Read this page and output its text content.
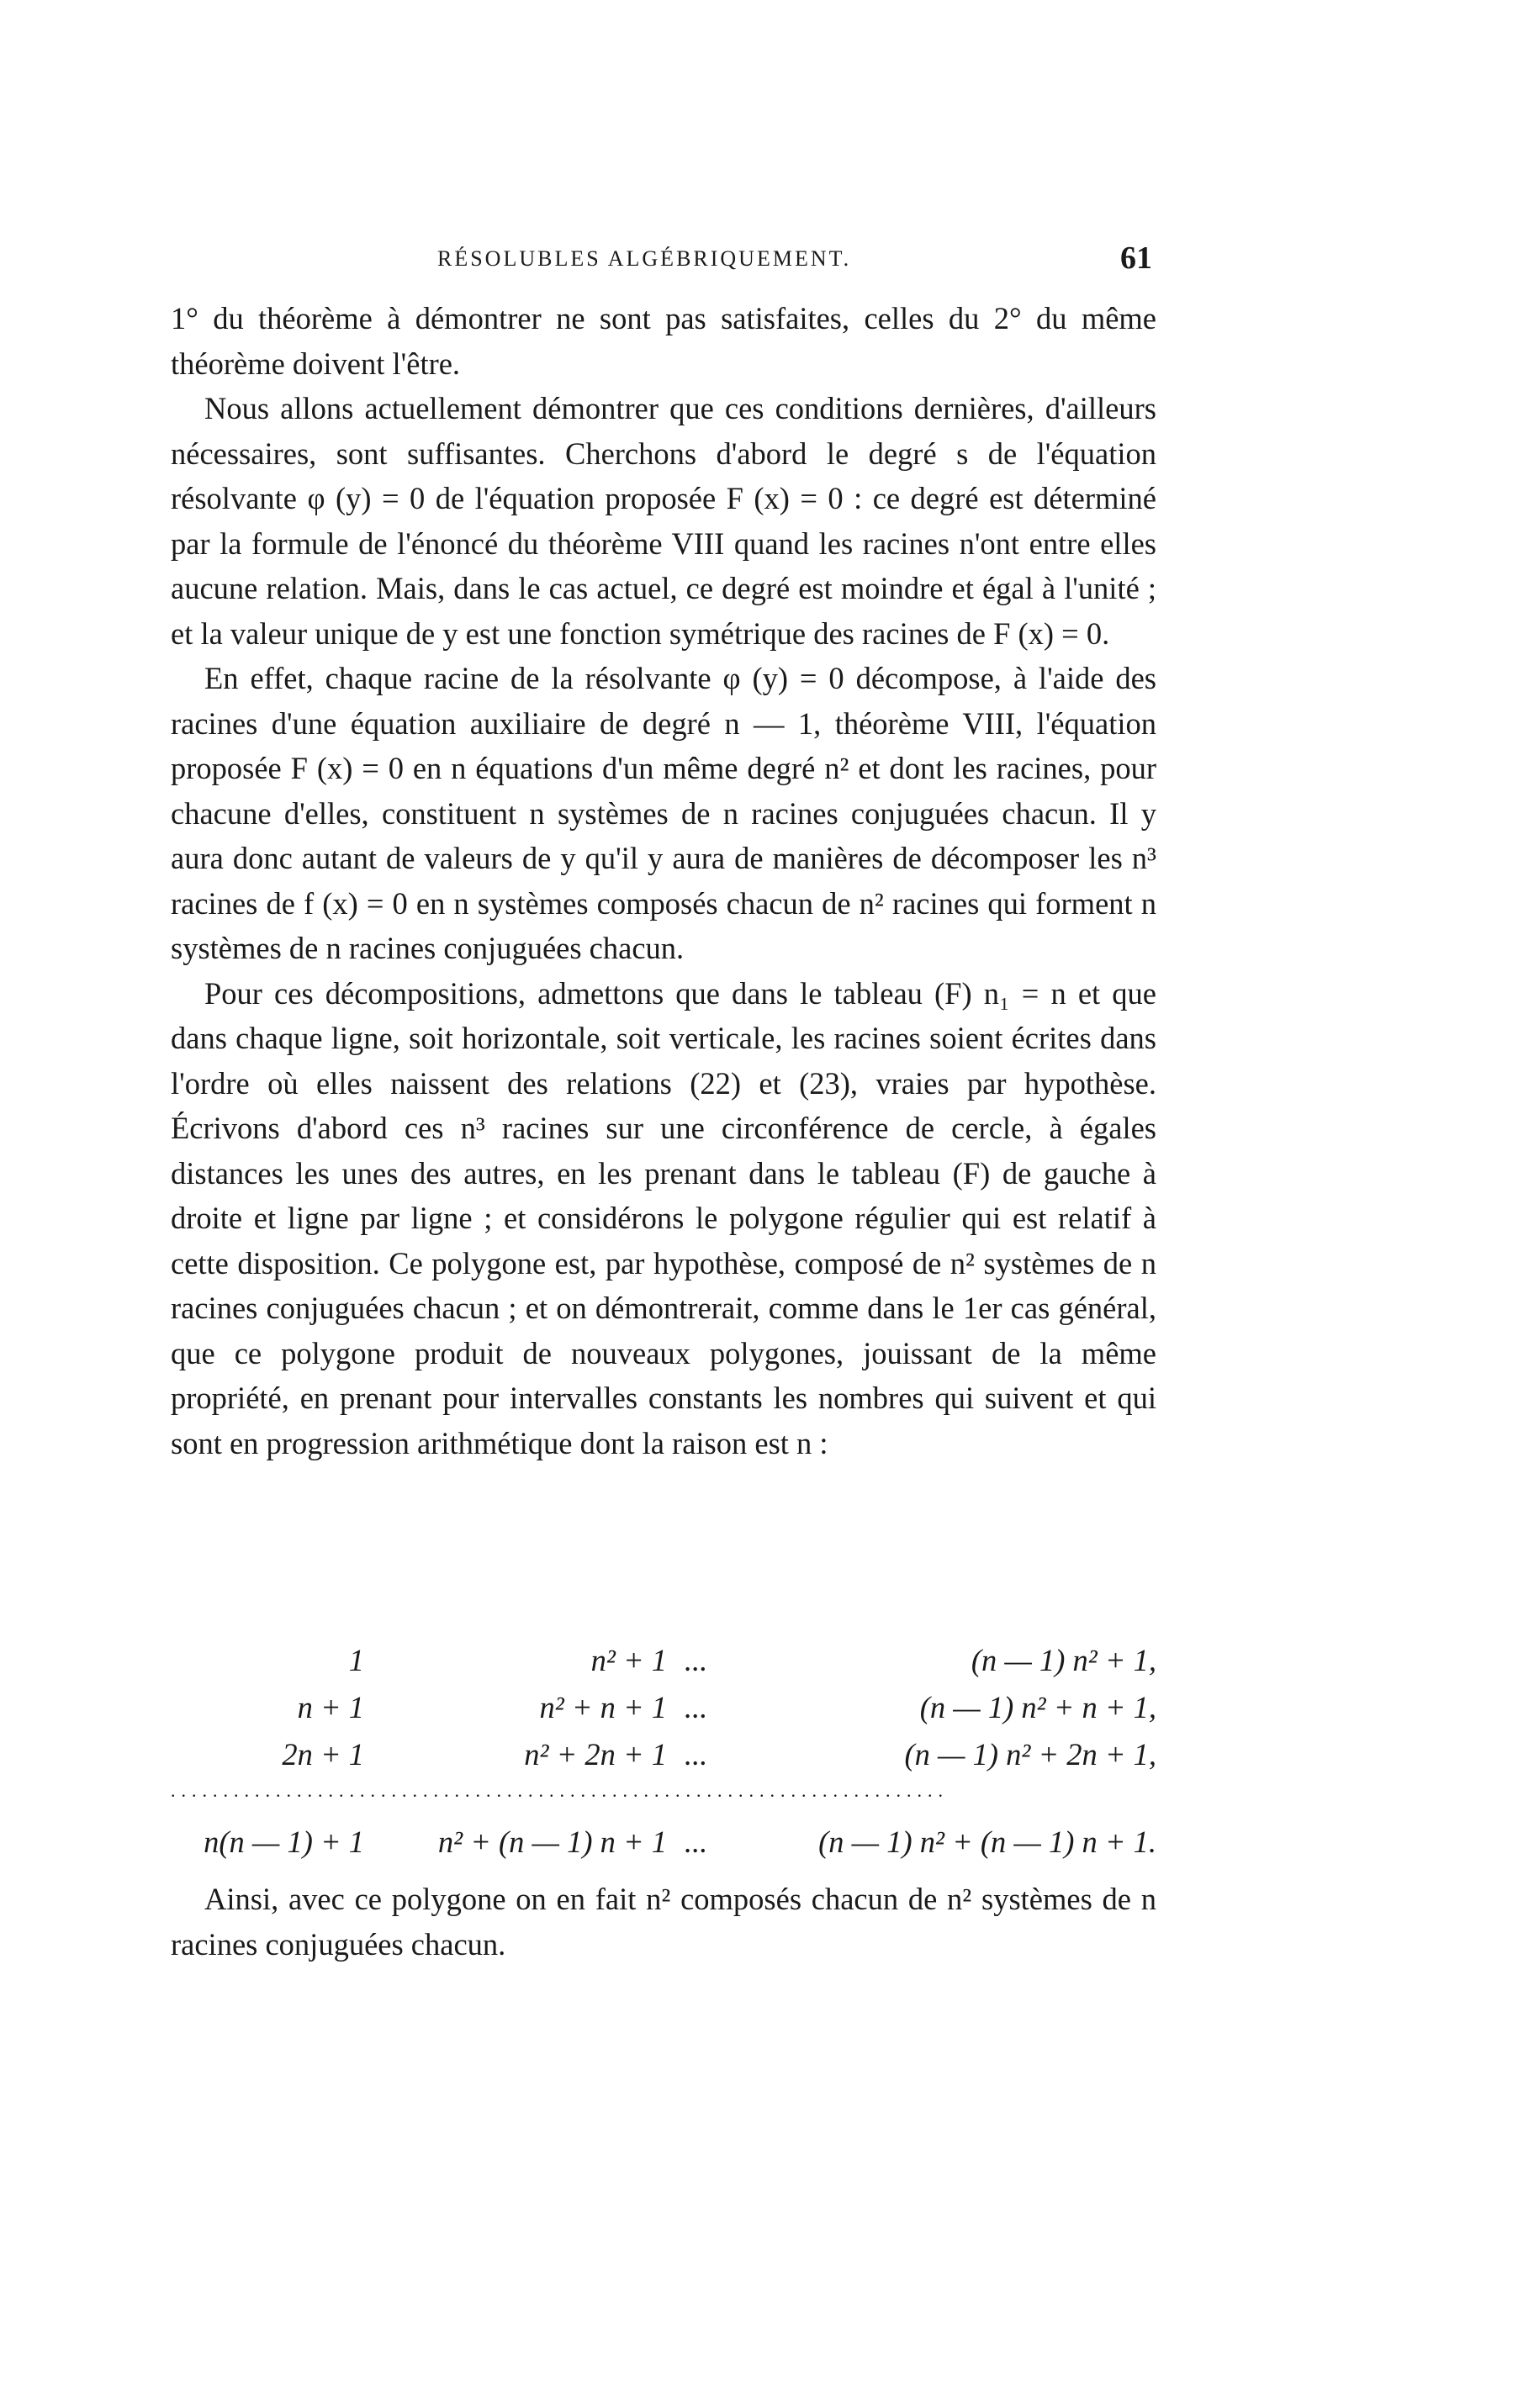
RÉSOLUBLES ALGÉBRIQUEMENT.	61

1° du théorème à démontrer ne sont pas satisfaites, celles du 2° du même théorème doivent l'être.

Nous allons actuellement démontrer que ces conditions dernières, d'ailleurs nécessaires, sont suffisantes. Cherchons d'abord le degré s de l'équation résolvante φ (y) = 0 de l'équation proposée F (x) = 0 : ce degré est déterminé par la formule de l'énoncé du théorème VIII quand les racines n'ont entre elles aucune relation. Mais, dans le cas actuel, ce degré est moindre et égal à l'unité ; et la valeur unique de y est une fonction symétrique des racines de F (x) = 0.

En effet, chaque racine de la résolvante φ (y) = 0 décompose, à l'aide des racines d'une équation auxiliaire de degré n — 1, théorème VIII, l'équation proposée F (x) = 0 en n équations d'un même degré n² et dont les racines, pour chacune d'elles, constituent n systèmes de n racines conjuguées chacun. Il y aura donc autant de valeurs de y qu'il y aura de manières de décomposer les n³ racines de f (x) = 0 en n systèmes composés chacun de n² racines qui forment n systèmes de n racines conjuguées chacun.

Pour ces décompositions, admettons que dans le tableau (F) n₁ = n et que dans chaque ligne, soit horizontale, soit verticale, les racines soient écrites dans l'ordre où elles naissent des relations (22) et (23), vraies par hypothèse. Écrivons d'abord ces n³ racines sur une circonférence de cercle, à égales distances les unes des autres, en les prenant dans le tableau (F) de gauche à droite et ligne par ligne ; et considérons le polygone régulier qui est relatif à cette disposition. Ce polygone est, par hypothèse, composé de n² systèmes de n racines conjuguées chacun ; et on démontrerait, comme dans le 1er cas général, que ce polygone produit de nouveaux polygones, jouissant de la même propriété, en prenant pour intervalles constants les nombres qui suivent et qui sont en progression arithmétique dont la raison est n :

1	n² + 1	...	(n — 1) n² + 1,
n + 1	n² + n + 1	...	(n — 1) n² + n + 1,
2n + 1	n² + 2n + 1	...	(n — 1) n² + 2n + 1,
..........................................................................			
n(n — 1) + 1	n² + (n — 1) n + 1	...	(n — 1) n² + (n — 1) n + 1.

Ainsi, avec ce polygone on en fait n² composés chacun de n² systèmes de n racines conjuguées chacun.
